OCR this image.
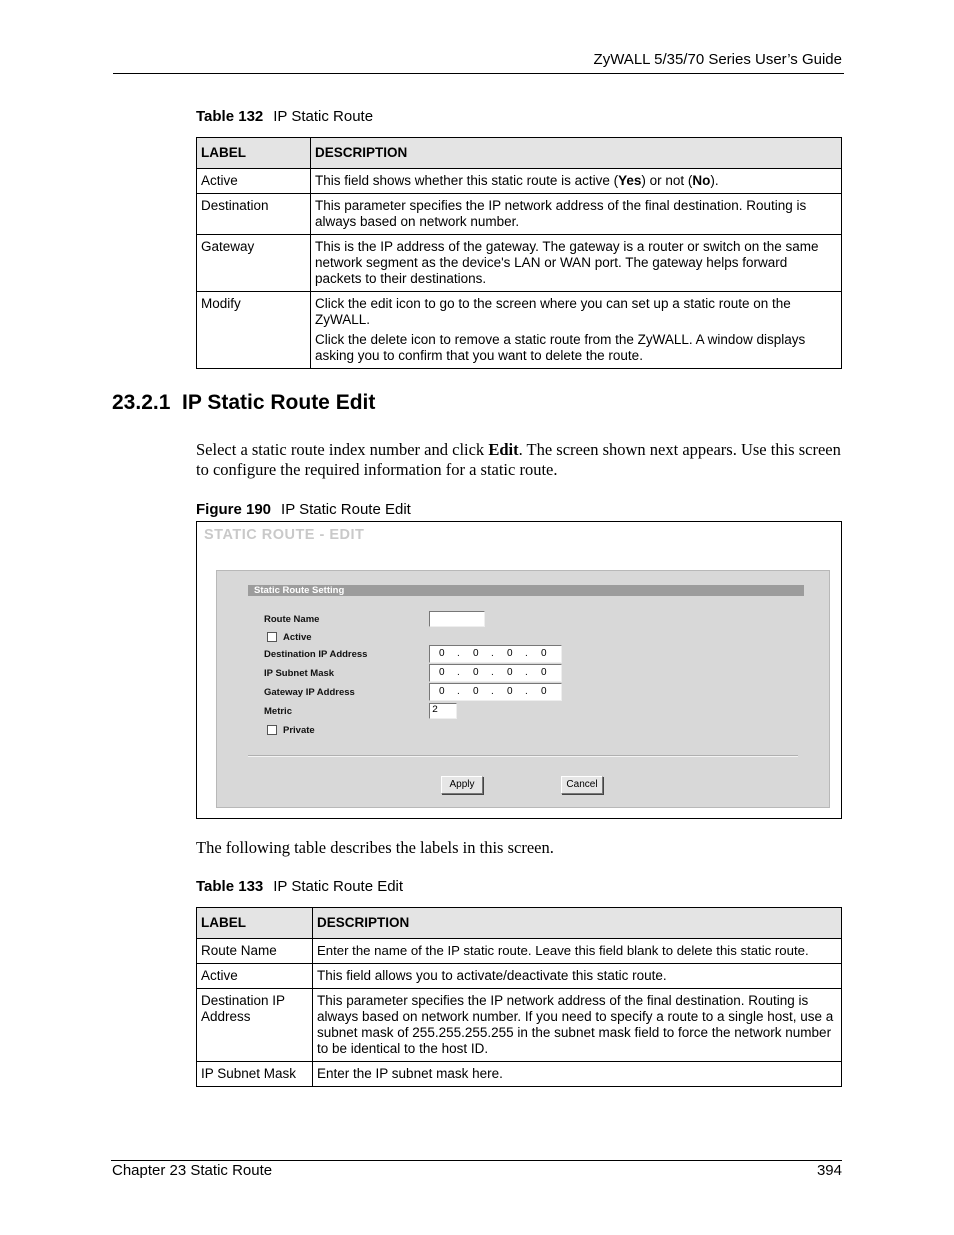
ZyWALL 5/35/70 Series User’s Guide
Table 132 IP Static Route
LABEL	DESCRIPTION
Active	This field shows whether this static route is active (Yes) or not (No).
Destination	This parameter specifies the IP network address of the final destination. Routing is always based on network number.
Gateway	This is the IP address of the gateway. The gateway is a router or switch on the same network segment as the device's LAN or WAN port. The gateway helps forward packets to their destinations.
Modify	Click the edit icon to go to the screen where you can set up a static route on the ZyWALL.

Click the delete icon to remove a static route from the ZyWALL. A window displays asking you to confirm that you want to delete the route.

23.2.1  IP Static Route Edit
Select a static route index number and click Edit. The screen shown next appears. Use this screen to configure the required information for a static route.
Figure 190 IP Static Route Edit
STATIC ROUTE - EDIT
Static Route Setting
Route Name
Active
Destination IP Address	0 . 0 . 0 . 0
IP Subnet Mask	0 . 0 . 0 . 0
Gateway IP Address	0 . 0 . 0 . 0
Metric	2
Private
Apply	Cancel
The following table describes the labels in this screen.
Table 133 IP Static Route Edit
LABEL	DESCRIPTION
Route Name	Enter the name of the IP static route. Leave this field blank to delete this static route.
Active	This field allows you to activate/deactivate this static route.
Destination IP Address	This parameter specifies the IP network address of the final destination. Routing is always based on network number. If you need to specify a route to a single host, use a subnet mask of 255.255.255.255 in the subnet mask field to force the network number to be identical to the host ID.
IP Subnet Mask	Enter the IP subnet mask here.
Chapter 23 Static Route	394
